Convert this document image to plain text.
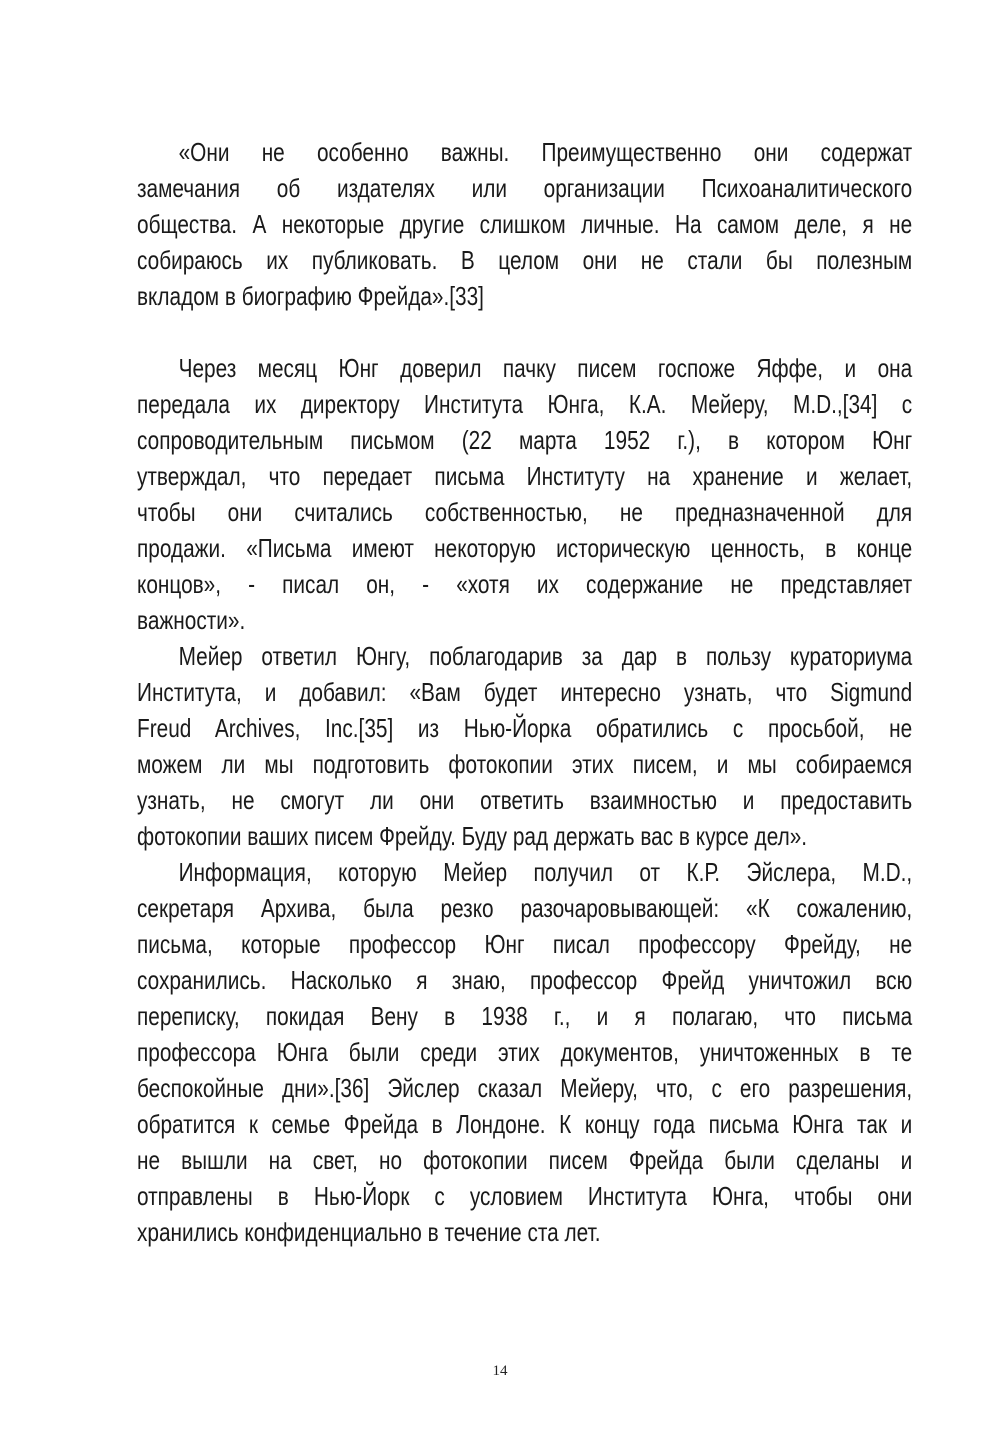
«Они не особенно важны. Преимущественно они содержат
замечания об издателях или организации Психоаналитического
общества. А некоторые другие слишком личные. На самом деле, я не
собираюсь их публиковать. В целом они не стали бы полезным
вкладом в биографию Фрейда».[33]
Через месяц Юнг доверил пачку писем госпоже Яффе, и она
передала их директору Института Юнга, К.А. Мейеру, M.D.,[34] с
сопроводительным письмом (22 марта 1952 г.), в котором Юнг
утверждал, что передает письма Институту на хранение и желает,
чтобы они считались собственностью, не предназначенной для
продажи. «Письма имеют некоторую историческую ценность, в конце
концов», - писал он, - «хотя их содержание не представляет
важности».
Мейер ответил Юнгу, поблагодарив за дар в пользу кураториума
Института, и добавил: «Вам будет интересно узнать, что Sigmund
Freud Archives, Inc.[35] из Нью-Йорка обратились с просьбой, не
можем ли мы подготовить фотокопии этих писем, и мы собираемся
узнать, не смогут ли они ответить взаимностью и предоставить
фотокопии ваших писем Фрейду. Буду рад держать вас в курсе дел».
Информация, которую Мейер получил от К.Р. Эйслера, M.D.,
секретаря Архива, была резко разочаровывающей: «К сожалению,
письма, которые профессор Юнг писал профессору Фрейду, не
сохранились. Насколько я знаю, профессор Фрейд уничтожил всю
переписку, покидая Вену в 1938 г., и я полагаю, что письма
профессора Юнга были среди этих документов, уничтоженных в те
беспокойные дни».[36] Эйслер сказал Мейеру, что, с его разрешения,
обратится к семье Фрейда в Лондоне. К концу года письма Юнга так и
не вышли на свет, но фотокопии писем Фрейда были сделаны и
отправлены в Нью-Йорк с условием Института Юнга, чтобы они
хранились конфиденциально в течение ста лет.
14
